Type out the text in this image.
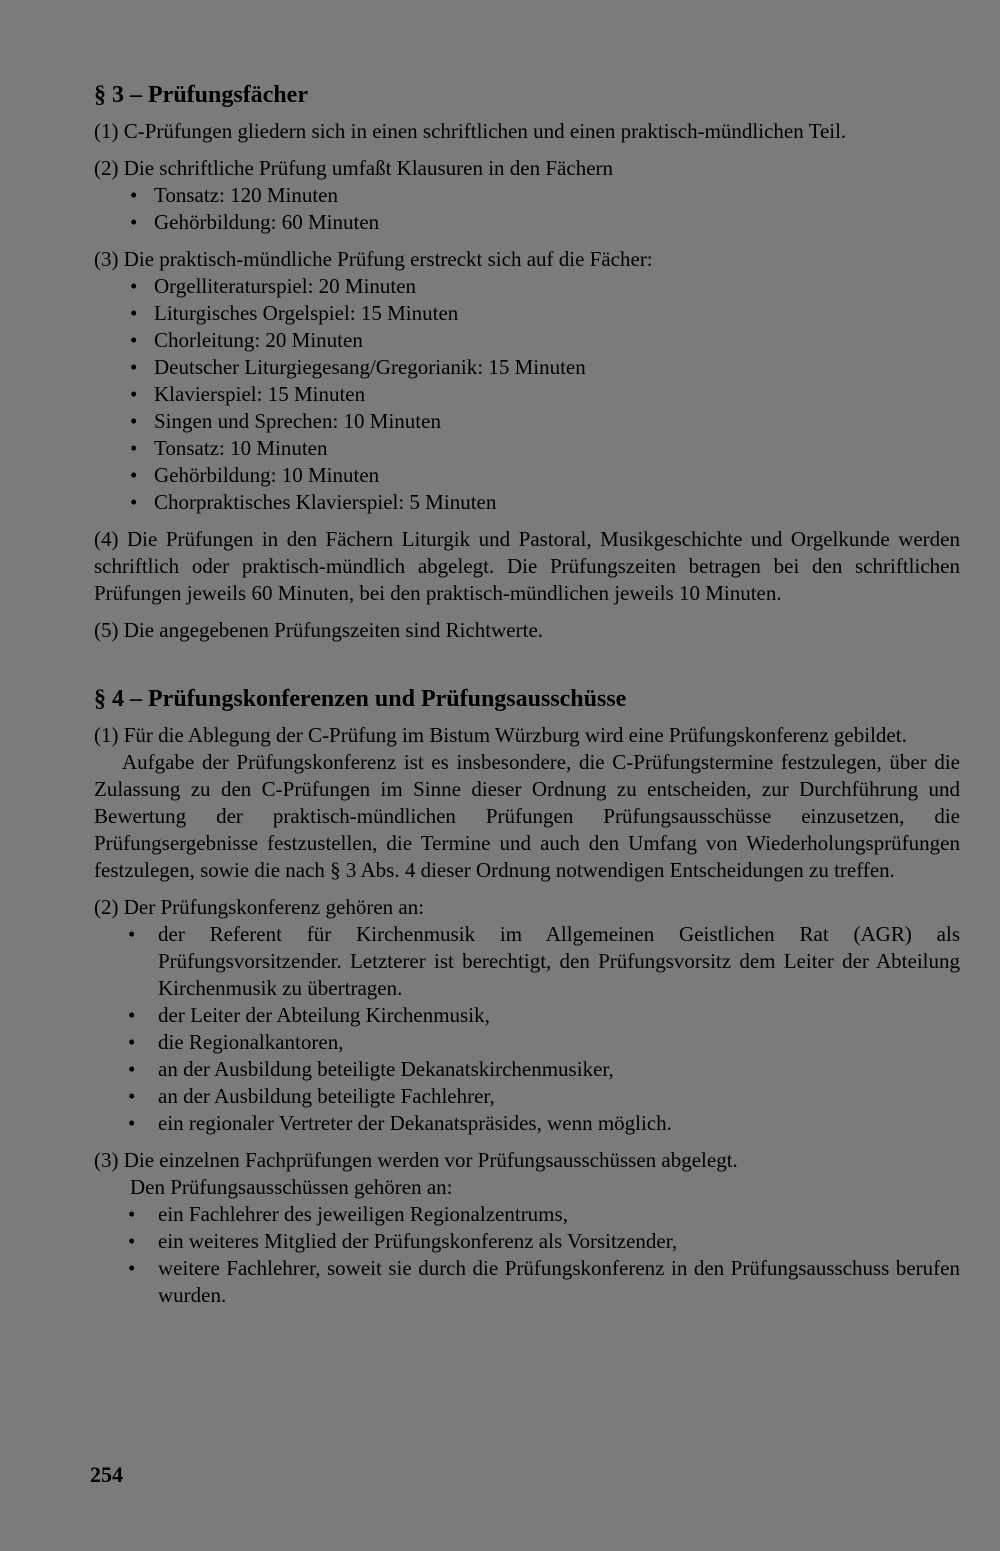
§ 3 – Prüfungsfächer
(1) C-Prüfungen gliedern sich in einen schriftlichen und einen praktisch-mündlichen Teil.
(2) Die schriftliche Prüfung umfaßt Klausuren in den Fächern
• Tonsatz: 120 Minuten
• Gehörbildung: 60 Minuten
(3) Die praktisch-mündliche Prüfung erstreckt sich auf die Fächer:
• Orgelliteraturspiel: 20 Minuten
• Liturgisches Orgelspiel: 15 Minuten
• Chorleitung: 20 Minuten
• Deutscher Liturgiegesang/Gregorianik: 15 Minuten
• Klavierspiel: 15 Minuten
• Singen und Sprechen: 10 Minuten
• Tonsatz: 10 Minuten
• Gehörbildung: 10 Minuten
• Chorpraktisches Klavierspiel: 5 Minuten
(4) Die Prüfungen in den Fächern Liturgik und Pastoral, Musikgeschichte und Orgelkunde werden schriftlich oder praktisch-mündlich abgelegt. Die Prüfungszeiten betragen bei den schriftlichen Prüfungen jeweils 60 Minuten, bei den praktisch-mündlichen jeweils 10 Minuten.
(5) Die angegebenen Prüfungszeiten sind Richtwerte.
§ 4 – Prüfungskonferenzen und Prüfungsausschüsse
(1) Für die Ablegung der C-Prüfung im Bistum Würzburg wird eine Prüfungskonferenz gebildet.
Aufgabe der Prüfungskonferenz ist es insbesondere, die C-Prüfungstermine festzulegen, über die Zulassung zu den C-Prüfungen im Sinne dieser Ordnung zu entscheiden, zur Durchführung und Bewertung der praktisch-mündlichen Prüfungen Prüfungsausschüsse einzusetzen, die Prüfungsergebnisse festzustellen, die Termine und auch den Umfang von Wiederholungsprüfungen festzulegen, sowie die nach § 3 Abs. 4 dieser Ordnung notwendigen Entscheidungen zu treffen.
(2) Der Prüfungskonferenz gehören an:
• der Referent für Kirchenmusik im Allgemeinen Geistlichen Rat (AGR) als Prüfungsvorsitzender. Letzterer ist berechtigt, den Prüfungsvorsitz dem Leiter der Abteilung Kirchenmusik zu übertragen.
• der Leiter der Abteilung Kirchenmusik,
• die Regionalkantoren,
• an der Ausbildung beteiligte Dekanatskirchenmusiker,
• an der Ausbildung beteiligte Fachlehrer,
• ein regionaler Vertreter der Dekanatspräsides, wenn möglich.
(3) Die einzelnen Fachprüfungen werden vor Prüfungsausschüssen abgelegt.
Den Prüfungsausschüssen gehören an:
• ein Fachlehrer des jeweiligen Regionalzentrums,
• ein weiteres Mitglied der Prüfungskonferenz als Vorsitzender,
• weitere Fachlehrer, soweit sie durch die Prüfungskonferenz in den Prüfungsausschuss berufen wurden.
254
